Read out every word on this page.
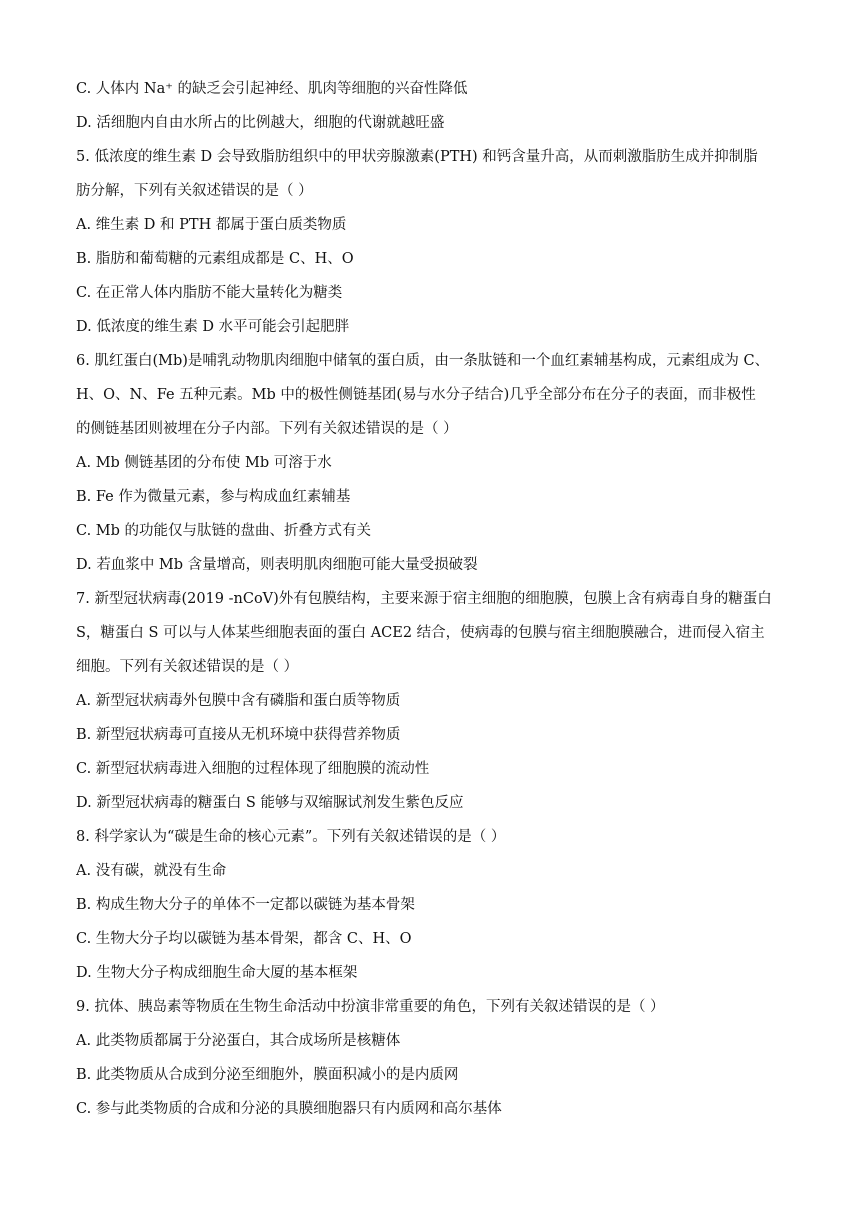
C. 人体内 Na⁺ 的缺乏会引起神经、肌肉等细胞的兴奋性降低
D. 活细胞内自由水所占的比例越大，细胞的代谢就越旺盛
5. 低浓度的维生素 D 会导致脂肪组织中的甲状旁腺激素(PTH) 和钙含量升高，从而刺激脂肪生成并抑制脂
肪分解，下列有关叙述错误的是（ ）
A. 维生素 D 和 PTH 都属于蛋白质类物质
B. 脂肪和葡萄糖的元素组成都是 C、H、O
C. 在正常人体内脂肪不能大量转化为糖类
D. 低浓度的维生素 D 水平可能会引起肥胖
6. 肌红蛋白(Mb)是哺乳动物肌肉细胞中储氧的蛋白质，由一条肽链和一个血红素辅基构成，元素组成为 C、
H、O、N、Fe 五种元素。Mb 中的极性侧链基团(易与水分子结合)几乎全部分布在分子的表面，而非极性
的侧链基团则被埋在分子内部。下列有关叙述错误的是（ ）
A. Mb 侧链基团的分布使 Mb 可溶于水
B. Fe 作为微量元素，参与构成血红素辅基
C. Mb 的功能仅与肽链的盘曲、折叠方式有关
D. 若血浆中 Mb 含量增高，则表明肌肉细胞可能大量受损破裂
7. 新型冠状病毒(2019 -nCoV)外有包膜结构，主要来源于宿主细胞的细胞膜，包膜上含有病毒自身的糖蛋白
S，糖蛋白 S 可以与人体某些细胞表面的蛋白 ACE2 结合，使病毒的包膜与宿主细胞膜融合，进而侵入宿主
细胞。下列有关叙述错误的是（ ）
A. 新型冠状病毒外包膜中含有磷脂和蛋白质等物质
B. 新型冠状病毒可直接从无机环境中获得营养物质
C. 新型冠状病毒进入细胞的过程体现了细胞膜的流动性
D. 新型冠状病毒的糖蛋白 S 能够与双缩脲试剂发生紫色反应
8. 科学家认为“碳是生命的核心元素”。下列有关叙述错误的是（ ）
A. 没有碳，就没有生命
B. 构成生物大分子的单体不一定都以碳链为基本骨架
C. 生物大分子均以碳链为基本骨架，都含 C、H、O
D. 生物大分子构成细胞生命大厦的基本框架
9. 抗体、胰岛素等物质在生物生命活动中扮演非常重要的角色，下列有关叙述错误的是（ ）
A. 此类物质都属于分泌蛋白，其合成场所是核糖体
B. 此类物质从合成到分泌至细胞外，膜面积减小的是内质网
C. 参与此类物质的合成和分泌的具膜细胞器只有内质网和高尔基体
